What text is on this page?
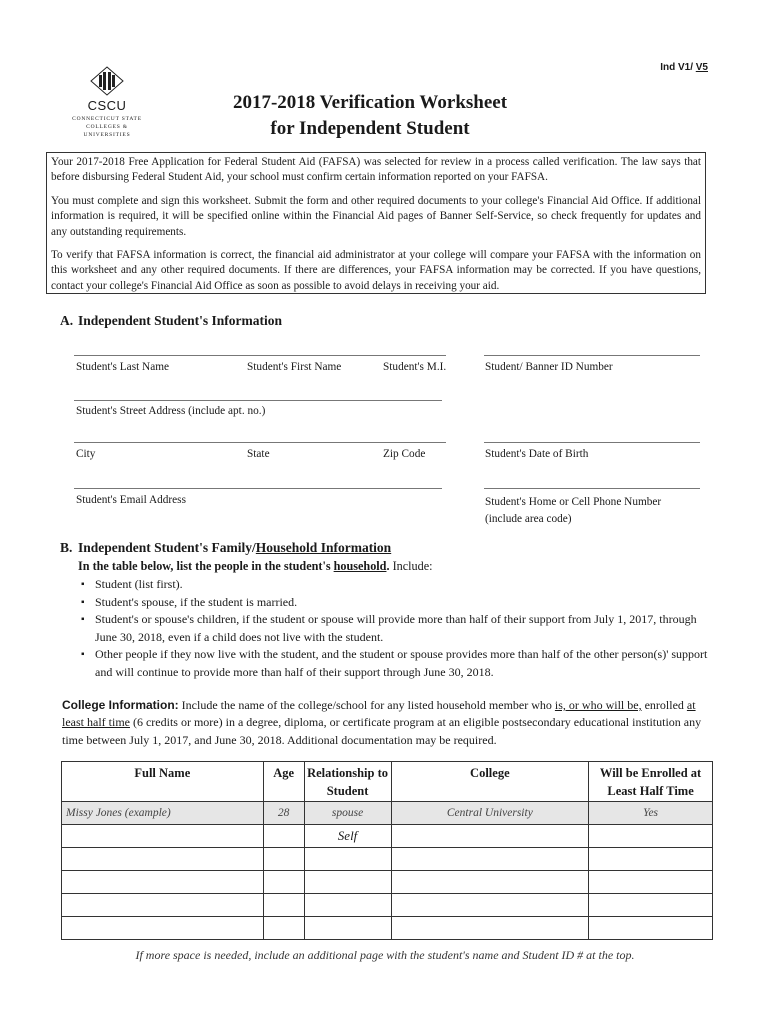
Ind V1/ V5
CSCU
CONNECTICUT STATE
COLLEGES & UNIVERSITIES
2017-2018 Verification Worksheet
for Independent Student

Your 2017-2018 Free Application for Federal Student Aid (FAFSA) was selected for review in a process called verification. The law says that before disbursing Federal Student Aid, your school must confirm certain information reported on your FAFSA.

You must complete and sign this worksheet. Submit the form and other required documents to your college's Financial Aid Office. If additional information is required, it will be specified online within the Financial Aid pages of Banner Self-Service, so check frequently for updates and any outstanding requirements.

To verify that FAFSA information is correct, the financial aid administrator at your college will compare your FAFSA with the information on this worksheet and any other required documents. If there are differences, your FAFSA information may be corrected. If you have questions, contact your college's Financial Aid Office as soon as possible to avoid delays in receiving your aid.

A. Independent Student's Information
Student's Last Name	Student's First Name	Student's M.I.	Student/ Banner ID Number
Student's Street Address (include apt. no.)
City	State	Zip Code	Student's Date of Birth
Student's Email Address	Student's Home or Cell Phone Number
(include area code)
B. Independent Student's Family/Household Information
In the table below, list the people in the student's household. Include:
▪ Student (list first).
▪ Student's spouse, if the student is married.
▪ Student's or spouse's children, if the student or spouse will provide more than half of their support from July 1, 2017, through June 30, 2018, even if a child does not live with the student.
▪ Other people if they now live with the student, and the student or spouse provides more than half of the other person(s)' support and will continue to provide more than half of their support through June 30, 2018.
College Information: Include the name of the college/school for any listed household member who is, or who will be, enrolled at least half time (6 credits or more) in a degree, diploma, or certificate program at an eligible postsecondary educational institution any time between July 1, 2017, and June 30, 2018. Additional documentation may be required.
Full Name	Age	Relationship to Student	College	Will be Enrolled at Least Half Time
Missy Jones (example)	28	spouse	Central University	Yes
		Self		

If more space is needed, include an additional page with the student's name and Student ID # at the top.
